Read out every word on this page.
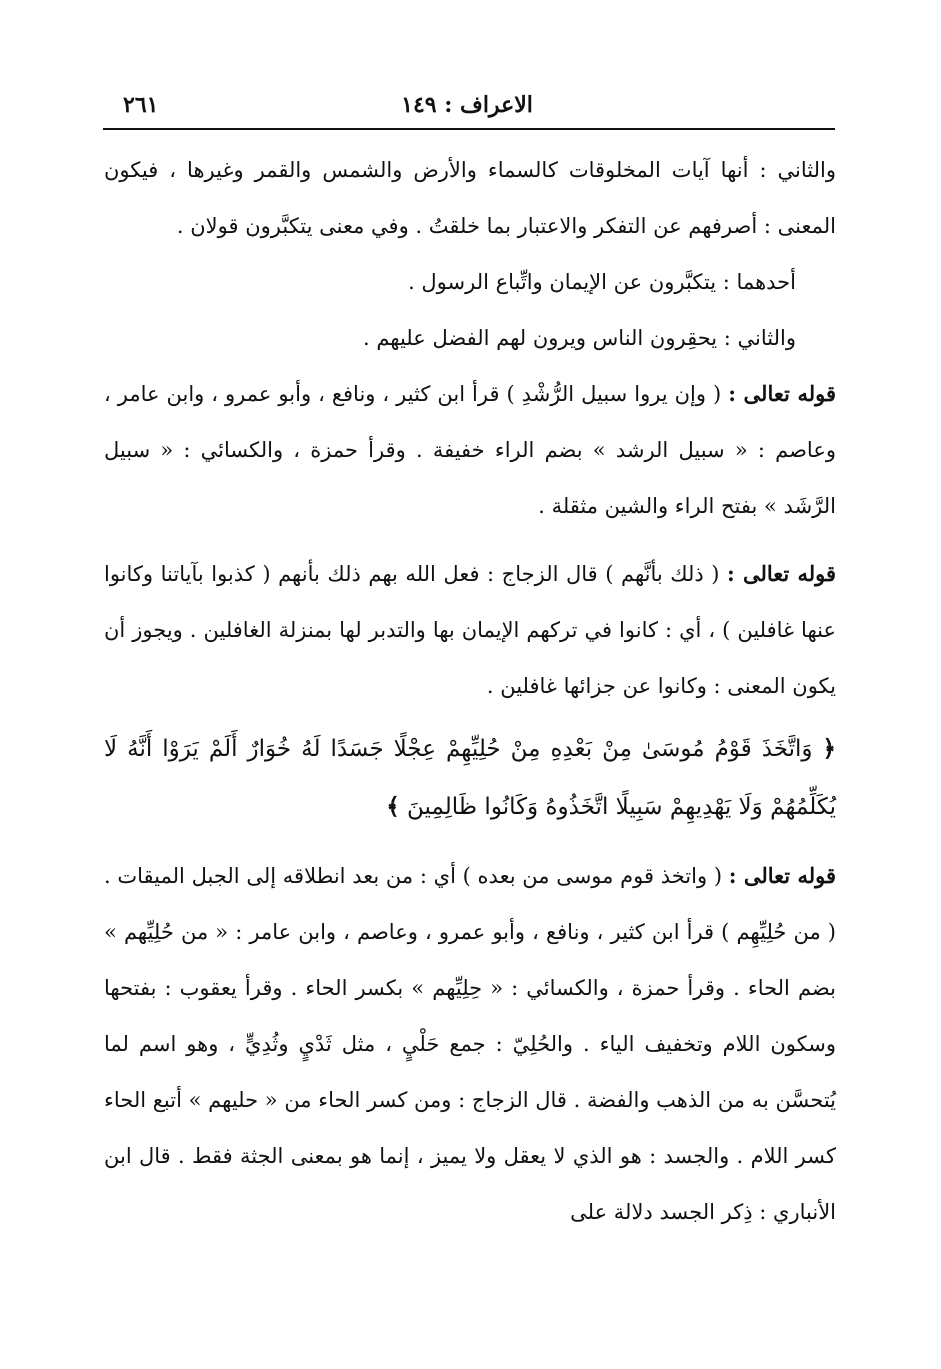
الاعراف : ١٤٩
٢٦١

والثاني : أنها آيات المخلوقات كالسماء والأرض والشمس والقمر وغيرها ، فيكون المعنى : أصرفهم عن التفكر والاعتبار بما خلقتُ . وفي معنى يتكبَّرون قولان .

أحدهما : يتكبَّرون عن الإيمان واتِّباع الرسول .

والثاني : يحقِرون الناس ويرون لهم الفضل عليهم .

قوله تعالى : ( وإن يروا سبيل الرُّشْدِ ) قرأ ابن كثير ، ونافع ، وأبو عمرو ، وابن عامر ، وعاصم : « سبيل الرشد » بضم الراء خفيفة . وقرأ حمزة ، والكسائي : « سبيل الرَّشَد » بفتح الراء والشين مثقلة .

قوله تعالى : ( ذلك بأنَّهم ) قال الزجاج : فعل الله بهم ذلك بأنهم ( كذبوا بآياتنا وكانوا عنها غافلين ) ، أي : كانوا في تركهم الإيمان بها والتدبر لها بمنزلة الغافلين . ويجوز أن يكون المعنى : وكانوا عن جزائها غافلين .

﴿ وَاتَّخَذَ قَوْمُ مُوسَىٰ مِنْ بَعْدِهِ مِنْ حُلِيِّهِمْ عِجْلًا جَسَدًا لَهُ خُوَارٌ أَلَمْ يَرَوْا أَنَّهُ لَا يُكَلِّمُهُمْ وَلَا يَهْدِيهِمْ سَبِيلًا اتَّخَذُوهُ وَكَانُوا ظَالِمِينَ ﴾

قوله تعالى : ( واتخذ قوم موسى من بعده ) أي : من بعد انطلاقه إلى الجبل الميقات . ( من حُلِيِّهِم ) قرأ ابن كثير ، ونافع ، وأبو عمرو ، وعاصم ، وابن عامر : « من حُلِيِّهم » بضم الحاء . وقرأ حمزة ، والكسائي : « حِلِيِّهم » بكسر الحاء . وقرأ يعقوب : بفتحها وسكون اللام وتخفيف الياء . والحُلِيّ : جمع حَلْيٍ ، مثل ثَدْيٍ وثُدِيٍّ ، وهو اسم لما يُتحسَّن به من الذهب والفضة . قال الزجاج : ومن كسر الحاء من « حليهم » أتبع الحاء كسر اللام . والجسد : هو الذي لا يعقل ولا يميز ، إنما هو بمعنى الجثة فقط . قال ابن الأنباري : ذِكر الجسد دلالة على
